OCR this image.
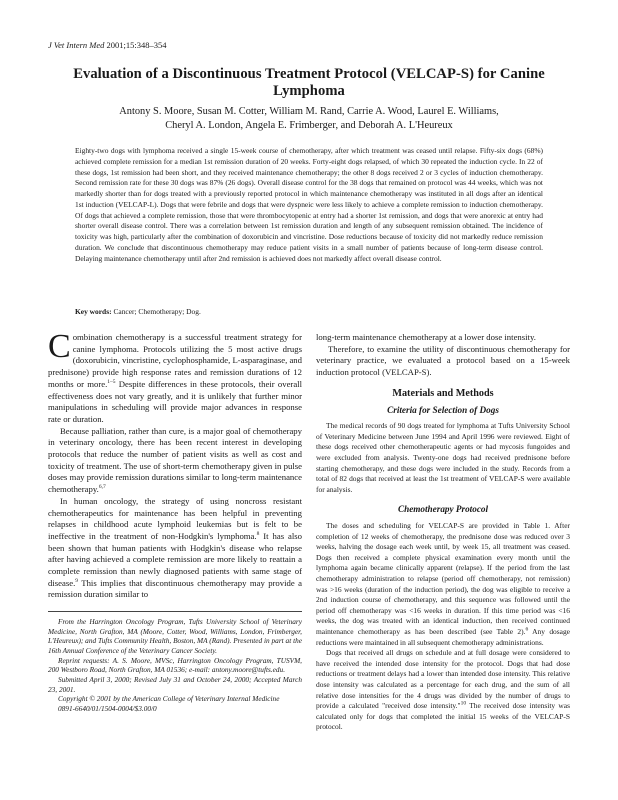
J Vet Intern Med 2001;15:348–354
Evaluation of a Discontinuous Treatment Protocol (VELCAP-S) for Canine Lymphoma
Antony S. Moore, Susan M. Cotter, William M. Rand, Carrie A. Wood, Laurel E. Williams,
Cheryl A. London, Angela E. Frimberger, and Deborah A. L'Heureux
Eighty-two dogs with lymphoma received a single 15-week course of chemotherapy, after which treatment was ceased until relapse. Fifty-six dogs (68%) achieved complete remission for a median 1st remission duration of 20 weeks. Forty-eight dogs relapsed, of which 30 repeated the induction cycle. In 22 of these dogs, 1st remission had been short, and they received maintenance chemotherapy; the other 8 dogs received 2 or 3 cycles of induction chemotherapy. Second remission rate for these 30 dogs was 87% (26 dogs). Overall disease control for the 38 dogs that remained on protocol was 44 weeks, which was not markedly shorter than for dogs treated with a previously reported protocol in which maintenance chemotherapy was instituted in all dogs after an identical 1st induction (VELCAP-L). Dogs that were febrile and dogs that were dyspneic were less likely to achieve a complete remission to induction chemotherapy. Of dogs that achieved a complete remission, those that were thrombocytopenic at entry had a shorter 1st remission, and dogs that were anorexic at entry had shorter overall disease control. There was a correlation between 1st remission duration and length of any subsequent remission obtained. The incidence of toxicity was high, particularly after the combination of doxorubicin and vincristine. Dose reductions because of toxicity did not markedly reduce remission duration. We conclude that discontinuous chemotherapy may reduce patient visits in a small number of patients because of long-term disease control. Delaying maintenance chemotherapy until after 2nd remission is achieved does not markedly affect overall disease control.
Key words: Cancer; Chemotherapy; Dog.

Combination chemotherapy is a successful treatment strategy for canine lymphoma. Protocols utilizing the 5 most active drugs (doxorubicin, vincristine, cyclophosphamide, L-asparaginase, and prednisone) provide high response rates and remission durations of 12 months or more.$^{1-5}$ Despite differences in these protocols, their overall effectiveness does not vary greatly, and it is unlikely that further minor manipulations in scheduling will provide major advances in response rate or duration.

Because palliation, rather than cure, is a major goal of chemotherapy in veterinary oncology, there has been recent interest in developing protocols that reduce the number of patient visits as well as cost and toxicity of treatment. The use of short-term chemotherapy given in pulse doses may provide remission durations similar to long-term maintenance chemotherapy.$^{6,7}$

In human oncology, the strategy of using noncross resistant chemotherapeutics for maintenance has been helpful in preventing relapses in childhood acute lymphoid leukemias but is felt to be ineffective in the treatment of non-Hodgkin's lymphoma.$^8$ It has also been shown that human patients with Hodgkin's disease who relapse after having achieved a complete remission are more likely to reattain a complete remission than newly diagnosed patients with same stage of disease.$^9$ This implies that discontinuous chemotherapy may provide a remission duration similar to

From the Harrington Oncology Program, Tufts University School of Veterinary Medicine, North Grafton, MA (Moore, Cotter, Wood, Williams, London, Frimberger, L'Heureux); and Tufts Community Health, Boston, MA (Rand). Presented in part at the 16th Annual Conference of the Veterinary Cancer Society.

Reprint requests: A. S. Moore, MVSc, Harrington Oncology Program, TUSVM, 200 Westboro Road, North Grafton, MA 01536; e-mail: antony.moore@tufts.edu.

Submitted April 3, 2000; Revised July 31 and October 24, 2000; Accepted March 23, 2001.

Copyright © 2001 by the American College of Veterinary Internal Medicine

0891-6640/01/1504-0004/$3.00/0

long-term maintenance chemotherapy at a lower dose intensity.

Therefore, to examine the utility of discontinuous chemotherapy for veterinary practice, we evaluated a protocol based on a 15-week induction protocol (VELCAP-S).

Materials and Methods
Criteria for Selection of Dogs

The medical records of 90 dogs treated for lymphoma at Tufts University School of Veterinary Medicine between June 1994 and April 1996 were reviewed. Eight of these dogs received other chemotherapeutic agents or had mycosis fungoides and were excluded from analysis. Twenty-one dogs had received prednisone before starting chemotherapy, and these dogs were included in the study. Records from a total of 82 dogs that received at least the 1st treatment of VELCAP-S were available for analysis.

Chemotherapy Protocol

The doses and scheduling for VELCAP-S are provided in Table 1. After completion of 12 weeks of chemotherapy, the prednisone dose was reduced over 3 weeks, halving the dosage each week until, by week 15, all treatment was ceased. Dogs then received a complete physical examination every month until the lymphoma again became clinically apparent (relapse). If the period from the last chemotherapy administration to relapse (period off chemotherapy, not remission) was >16 weeks (duration of the induction period), the dog was eligible to receive a 2nd induction course of chemotherapy, and this sequence was followed until the period off chemotherapy was <16 weeks in duration. If this time period was <16 weeks, the dog was treated with an identical induction, then received continued maintenance chemotherapy as has been described (see Table 2).$^6$ Any dosage reductions were maintained in all subsequent chemotherapy administrations.

Dogs that received all drugs on schedule and at full dosage were considered to have received the intended dose intensity for the protocol. Dogs that had dose reductions or treatment delays had a lower than intended dose intensity. This relative dose intensity was calculated as a percentage for each drug, and the sum of all relative dose intensities for the 4 drugs was divided by the number of drugs to provide a calculated "received dose intensity."$^{10}$ The received dose intensity was calculated only for dogs that completed the initial 15 weeks of the VELCAP-S protocol.
